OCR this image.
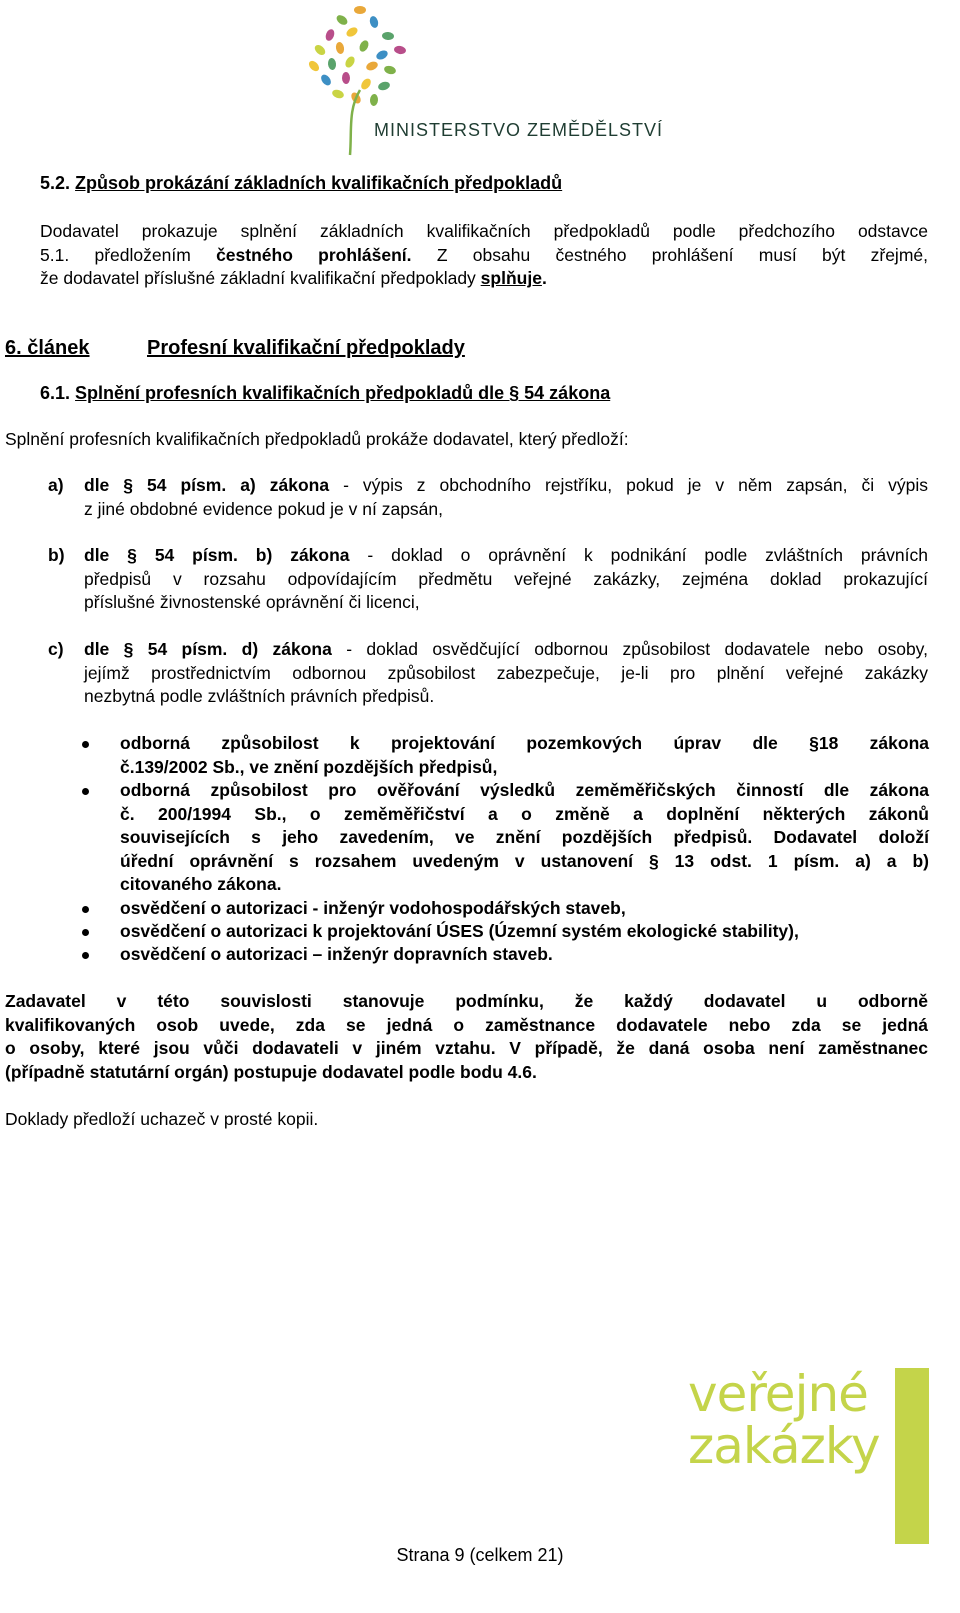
MINISTERSTVO ZEMĚDĚLSTVÍ
5.2. Způsob prokázání základních kvalifikačních předpokladů
Dodavatel prokazuje splnění základních kvalifikačních předpokladů podle předchozího odstavce
5.1. předložením čestného prohlášení. Z obsahu čestného prohlášení musí být zřejmé,
že dodavatel příslušné základní kvalifikační předpoklady splňuje.
6. článek	Profesní kvalifikační předpoklady
6.1. Splnění profesních kvalifikačních předpokladů dle § 54 zákona
Splnění profesních kvalifikačních předpokladů prokáže dodavatel, který předloží:
a) dle § 54 písm. a) zákona - výpis z obchodního rejstříku, pokud je v něm zapsán, či výpis
z jiné obdobné evidence pokud je v ní zapsán,
b) dle § 54 písm. b) zákona - doklad o oprávnění k podnikání podle zvláštních právních
předpisů v rozsahu odpovídajícím předmětu veřejné zakázky, zejména doklad prokazující
příslušné živnostenské oprávnění či licenci,
c) dle § 54 písm. d) zákona - doklad osvědčující odbornou způsobilost dodavatele nebo osoby,
jejímž prostřednictvím odbornou způsobilost zabezpečuje, je-li pro plnění veřejné zakázky
nezbytná podle zvláštních právních předpisů.
odborná způsobilost k projektování pozemkových úprav dle §18 zákona
č.139/2002 Sb., ve znění pozdějších předpisů,
odborná způsobilost pro ověřování výsledků zeměměřičských činností dle zákona
č. 200/1994 Sb., o zeměměřičství a o změně a doplnění některých zákonů
souvisejících s jeho zavedením, ve znění pozdějších předpisů. Dodavatel doloží
úřední oprávnění s rozsahem uvedeným v ustanovení § 13 odst. 1 písm. a) a b)
citovaného zákona.
osvědčení o autorizaci - inženýr vodohospodářských staveb,
osvědčení o autorizaci k projektování ÚSES (Územní systém ekologické stability),
osvědčení o autorizaci – inženýr dopravních staveb.
Zadavatel v této souvislosti stanovuje podmínku, že každý dodavatel u odborně
kvalifikovaných osob uvede, zda se jedná o zaměstnance dodavatele nebo zda se jedná
o osoby, které jsou vůči dodavateli v jiném vztahu. V případě, že daná osoba není zaměstnanec
(případně statutární orgán) postupuje dodavatel podle bodu 4.6.
Doklady předloží uchazeč v prosté kopii.
veřejné
zakázky
Strana 9 (celkem 21)
